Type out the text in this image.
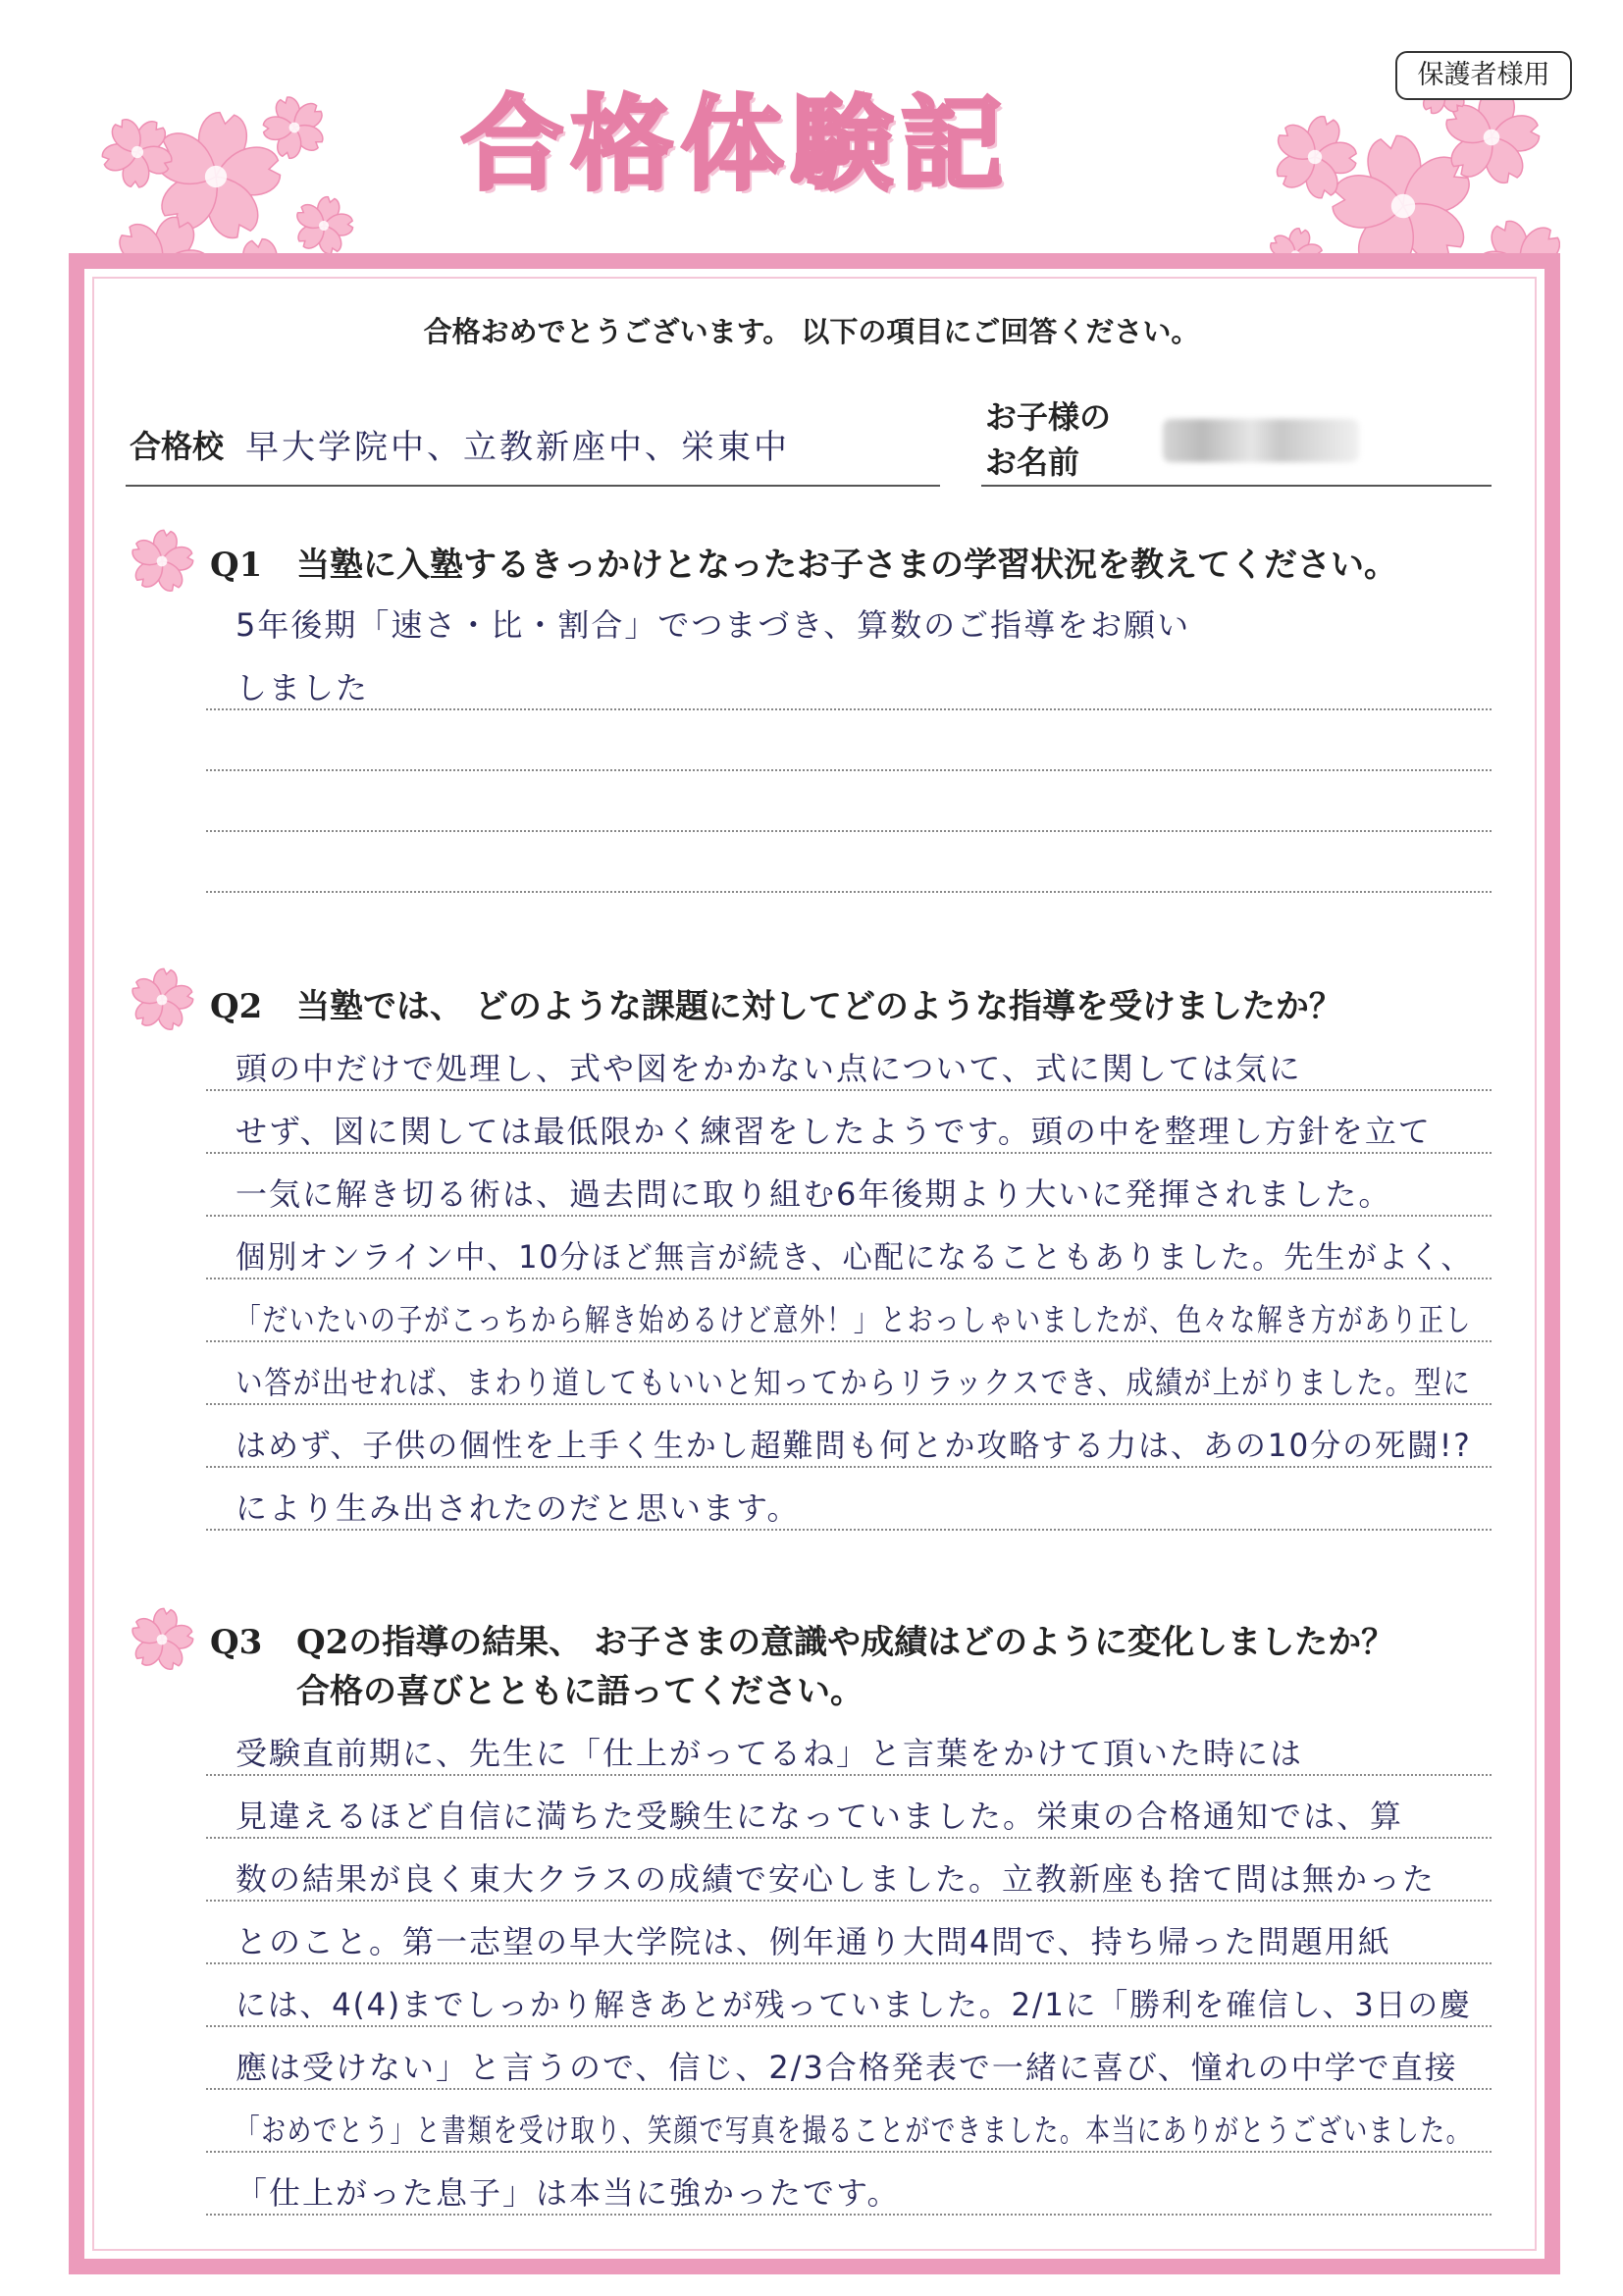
保護者様用
合格体験記
合格おめでとうございます。 以下の項目にご回答ください。
合格校 早大学院中、立教新座中、栄東中
お子様の
お名前
Q1 当塾に入塾するきっかけとなったお子さまの学習状況を教えてください。
5年後期「速さ・比・割合」でつまづき、算数のご指導をお願い
しました
Q2 当塾では、 どのような課題に対してどのような指導を受けましたか？
頭の中だけで処理し、式や図をかかない点について、式に関しては気に
せず、図に関しては最低限かく練習をしたようです。頭の中を整理し方針を立て
一気に解き切る術は、過去問に取り組む6年後期より大いに発揮されました。
個別オンライン中、10分ほど無言が続き、心配になることもありました。先生がよく、
「だいたいの子がこっちから解き始めるけど意外！」とおっしゃいましたが、色々な解き方があり正し
い答が出せれば、まわり道してもいいと知ってからリラックスでき、成績が上がりました。型に
はめず、子供の個性を上手く生かし超難問も何とか攻略する力は、あの10分の死闘!?
により生み出されたのだと思います。
Q3 Q2の指導の結果、 お子さまの意識や成績はどのように変化しましたか？
合格の喜びとともに語ってください。
受験直前期に、先生に「仕上がってるね」と言葉をかけて頂いた時には
見違えるほど自信に満ちた受験生になっていました。栄東の合格通知では、算
数の結果が良く東大クラスの成績で安心しました。立教新座も捨て問は無かった
とのこと。第一志望の早大学院は、例年通り大問4問で、持ち帰った問題用紙
には、4(4)までしっかり解きあとが残っていました。2/1に「勝利を確信し、3日の慶
應は受けない」と言うので、信じ、2/3合格発表で一緒に喜び、憧れの中学で直接
「おめでとう」と書類を受け取り、笑顔で写真を撮ることができました。本当にありがとうございました。
「仕上がった息子」は本当に強かったです。
